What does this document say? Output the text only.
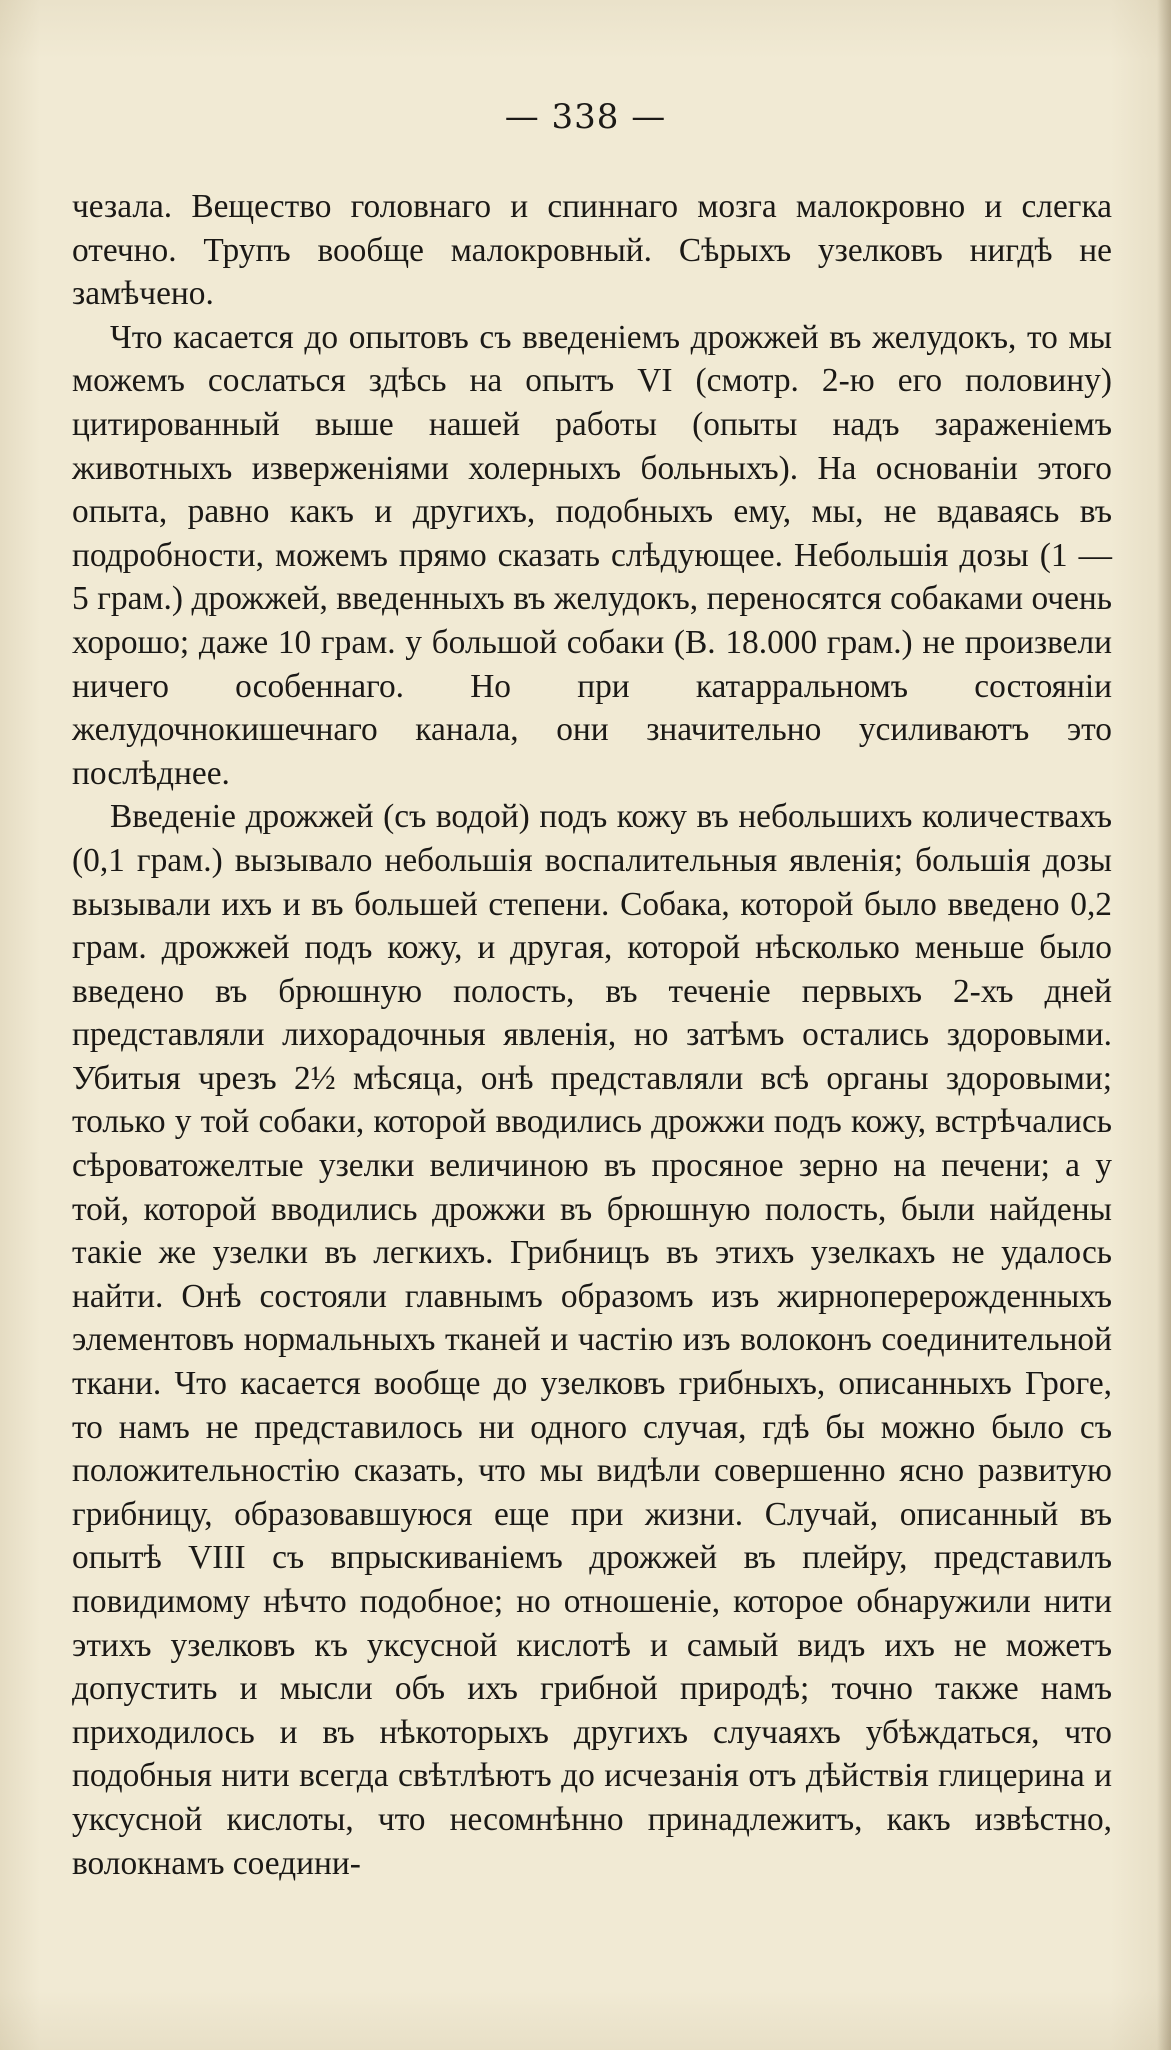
— 338 —

чезала. Вещество головнаго и спиннаго мозга малокровно и слегка отечно. Трупъ вообще малокровный. Сѣрыхъ узелковъ нигдѣ не замѣчено.

Что касается до опытовъ съ введеніемъ дрожжей въ желудокъ, то мы можемъ сослаться здѣсь на опытъ VI (смотр. 2-ю его половину) цитированный выше нашей работы (опыты надъ зараженіемъ животныхъ изверженіями холерныхъ больныхъ). На основаніи этого опыта, равно какъ и другихъ, подобныхъ ему, мы, не вдаваясь въ подробности, можемъ прямо сказать слѣдующее. Небольшія дозы (1 — 5 грам.) дрожжей, введенныхъ въ желудокъ, переносятся собаками очень хорошо; даже 10 грам. у большой собаки (В. 18.000 грам.) не произвели ничего особеннаго. Но при катарральномъ состояніи желудочнокишечнаго канала, они значительно усиливаютъ это послѣднее.

Введеніе дрожжей (съ водой) подъ кожу въ небольшихъ количествахъ (0,1 грам.) вызывало небольшія воспалительныя явленія; большія дозы вызывали ихъ и въ большей степени. Собака, которой было введено 0,2 грам. дрожжей подъ кожу, и другая, которой нѣсколько меньше было введено въ брюшную полость, въ теченіе первыхъ 2-хъ дней представляли лихорадочныя явленія, но затѣмъ остались здоровыми. Убитыя чрезъ 2½ мѣсяца, онѣ представляли всѣ органы здоровыми; только у той собаки, которой вводились дрожжи подъ кожу, встрѣчались сѣроватожелтые узелки величиною въ просяное зерно на печени; а у той, которой вводились дрожжи въ брюшную полость, были найдены такіе же узелки въ легкихъ. Грибницъ въ этихъ узелкахъ не удалось найти. Онѣ состояли главнымъ образомъ изъ жирноперерожденныхъ элементовъ нормальныхъ тканей и частію изъ волоконъ соединительной ткани. Что касается вообще до узелковъ грибныхъ, описанныхъ Гроге, то намъ не представилось ни одного случая, гдѣ бы можно было съ положительностію сказать, что мы видѣли совершенно ясно развитую грибницу, образовавшуюся еще при жизни. Случай, описанный въ опытѣ VIII съ впрыскиваніемъ дрожжей въ плейру, представилъ повидимому нѣчто подобное; но отношеніе, которое обнаружили нити этихъ узелковъ къ уксусной кислотѣ и самый видъ ихъ не можетъ допустить и мысли объ ихъ грибной природѣ; точно также намъ приходилось и въ нѣкоторыхъ другихъ случаяхъ убѣждаться, что подобныя нити всегда свѣтлѣютъ до исчезанія отъ дѣйствія глицерина и уксусной кислоты, что несомнѣнно принадлежитъ, какъ извѣстно, волокнамъ соедини-
